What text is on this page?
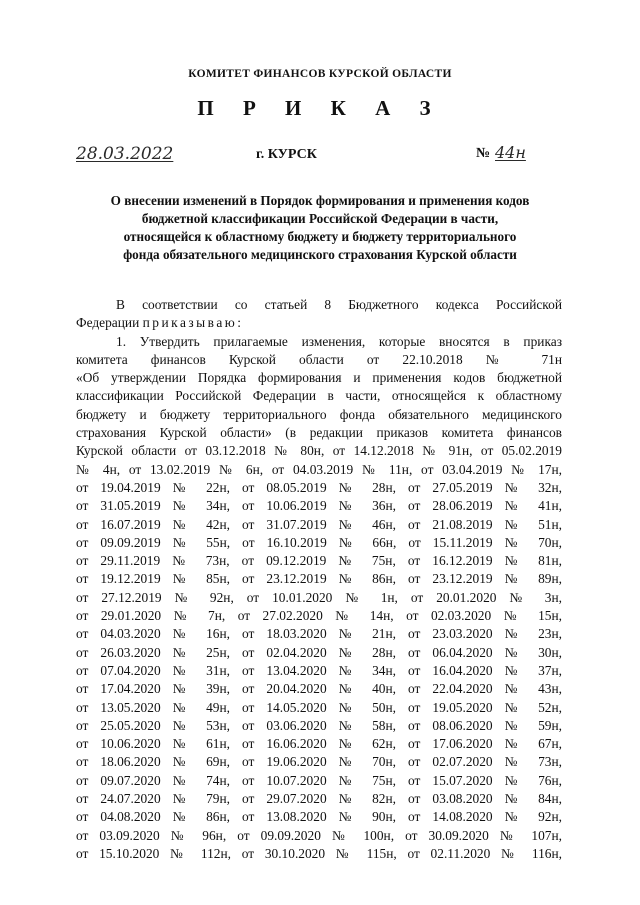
КОМИТЕТ ФИНАНСОВ КУРСКОЙ ОБЛАСТИ
П Р И К А З
28.03.2022	г. КУРСК	№ 44н
О внесении изменений в Порядок формирования и применения кодов
бюджетной классификации Российской Федерации в части,
относящейся к областному бюджету и бюджету территориального
фонда обязательного медицинского страхования Курской области

В соответствии со статьей 8 Бюджетного кодекса Российской

Федерации приказываю:

1. Утвердить прилагаемые изменения, которые вносятся в приказ

комитета финансов Курской области от 22.10.2018 № 71н

«Об утверждении Порядка формирования и применения кодов бюджетной

классификации Российской Федерации в части, относящейся к областному

бюджету и бюджету территориального фонда обязательного медицинского

страхования Курской области» (в редакции приказов комитета финансов

Курской области от 03.12.2018 № 80н, от 14.12.2018 № 91н, от 05.02.2019

№ 4н, от 13.02.2019 № 6н, от 04.03.2019 № 11н, от 03.04.2019 № 17н,

от 19.04.2019 № 22н, от 08.05.2019 № 28н, от 27.05.2019 № 32н,

от 31.05.2019 № 34н, от 10.06.2019 № 36н, от 28.06.2019 № 41н,

от 16.07.2019 № 42н, от 31.07.2019 № 46н, от 21.08.2019 № 51н,

от 09.09.2019 № 55н, от 16.10.2019 № 66н, от 15.11.2019 № 70н,

от 29.11.2019 № 73н, от 09.12.2019 № 75н, от 16.12.2019 № 81н,

от 19.12.2019 № 85н, от 23.12.2019 № 86н, от 23.12.2019 № 89н,

от 27.12.2019 № 92н, от 10.01.2020 № 1н, от 20.01.2020 № 3н,

от 29.01.2020 № 7н, от 27.02.2020 № 14н, от 02.03.2020 № 15н,

от 04.03.2020 № 16н, от 18.03.2020 № 21н, от 23.03.2020 № 23н,

от 26.03.2020 № 25н, от 02.04.2020 № 28н, от 06.04.2020 № 30н,

от 07.04.2020 № 31н, от 13.04.2020 № 34н, от 16.04.2020 № 37н,

от 17.04.2020 № 39н, от 20.04.2020 № 40н, от 22.04.2020 № 43н,

от 13.05.2020 № 49н, от 14.05.2020 № 50н, от 19.05.2020 № 52н,

от 25.05.2020 № 53н, от 03.06.2020 № 58н, от 08.06.2020 № 59н,

от 10.06.2020 № 61н, от 16.06.2020 № 62н, от 17.06.2020 № 67н,

от 18.06.2020 № 69н, от 19.06.2020 № 70н, от 02.07.2020 № 73н,

от 09.07.2020 № 74н, от 10.07.2020 № 75н, от 15.07.2020 № 76н,

от 24.07.2020 № 79н, от 29.07.2020 № 82н, от 03.08.2020 № 84н,

от 04.08.2020 № 86н, от 13.08.2020 № 90н, от 14.08.2020 № 92н,

от 03.09.2020 № 96н, от 09.09.2020 № 100н, от 30.09.2020 № 107н,

от 15.10.2020 № 112н, от 30.10.2020 № 115н, от 02.11.2020 № 116н,
